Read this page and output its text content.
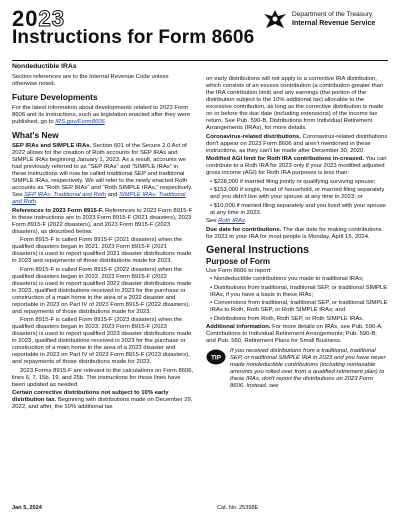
2023
Instructions for Form 8606
Department of the Treasury
Internal Revenue Service
Nondeductible IRAs

Section references are to the Internal Revenue Code unless otherwise noted.

Future Developments

For the latest information about developments related to 2023 Form 8606 and its instructions, such as legislation enacted after they were published, go to IRS.gov/Form8606.

What's New

SEP IRAs and SIMPLE IRAs. Section 601 of the Secure 2.0 Act of 2022 allows for the creation of Roth accounts for SEP IRAs and SIMPLE IRAs beginning January 1, 2023. As a result, accounts we had previously referred to as "SEP IRAs" and "SIMPLE IRAs" in these instructions will now be called traditional SEP and traditional SIMPLE IRAs, respectively. We will refer to the newly enacted Roth accounts as "Roth SEP IRAs" and "Roth SIMPLE IRAs," respectively. See SEP IRAs: Traditional and Roth and SIMPLE IRAs: Traditional and Roth.

References to 2023 Form 8915-F. References to 2023 Form 8915-F in these instructions are to 2023 Form 8915-F (2021 disasters), 2023 Form 8915-F (2022 disasters), and 2023 Form 8915-F (2023 disasters), as described below.

Form 8915-F is called Form 8915-F (2021 disasters) when the qualified disasters began in 2021. 2023 Form 8915-F (2021 disasters) is used to report qualified 2021 disaster distributions made in 2023 and repayments of those distributions made for 2023.

Form 8915-F is called Form 8915-F (2022 disasters) when the qualified disasters began in 2022. 2023 Form 8915-F (2022 disasters) is used to report qualified 2022 disaster distributions made in 2023, qualified distributions received in 2023 for the purchase or construction of a main home in the area of a 2022 disaster and reportable in 2023 on Part IV of 2023 Form 8915-F (2022 disasters), and repayments of those distributions made for 2023.

Form 8915-F is called Form 8915-F (2023 disasters) when the qualified disasters began in 2023. 2023 Form 8915-F (2023 disasters) is used to report qualified 2023 disaster distributions made in 2023, qualified distributions received in 2023 for the purchase or construction of a main home in the area of a 2023 disaster and reportable in 2023 on Part IV of 2023 Form 8915-F (2023 disasters), and repayments of those distributions made for 2023.

2023 Forms 8915-F are relevant to the calculations on Form 8606, lines 6, 7, 15b, 19, and 25b. The instructions for those lines have been updated as needed.

Certain corrective distributions not subject to 10% early distribution tax. Beginning with distributions made on December 29, 2022, and after, the 10% additional tax

on early distributions will not apply to a corrective IRA distribution, which consists of an excess contribution (a contribution greater than the IRA contribution limit) and any earnings (the portion of the distribution subject to the 10% additional tax) allocable to the excessive contribution, as long as the corrective distribution is made on or before the due date (including extensions) of the income tax return. See Pub. 590-B, Distributions from Individual Retirement Arrangements (IRAs), for more details.

Coronavirus-related distributions. Coronavirus-related distributions don't appear on 2023 Form 8606 and aren't mentioned in these instructions, as they can't be made after December 30, 2020.

Modified AGI limit for Roth IRA contributions in-creased. You can contribute to a Roth IRA for 2023 only if your 2023 modified adjusted gross income (AGI) for Roth IRA purposes is less than:

• $228,000 if married filing jointly or qualifying surviving spouse;

• $153,000 if single, head of household, or married filing separately and you didn't live with your spouse at any time in 2023; or

• $10,000 if married filing separately and you lived with your spouse at any time in 2023.

See Roth IRAs.

Due date for contributions. The due date for making contributions for 2023 to your IRA for most people is Monday, April 15, 2024.

General Instructions
Purpose of Form

Use Form 8606 to report:

• Nondeductible contributions you made to traditional IRAs;

• Distributions from traditional, traditional SEP, or traditional SIMPLE IRAs, if you have a basis in these IRAs;

• Conversions from traditional, traditional SEP, or traditional SIMPLE IRAs to Roth, Roth SEP, or Roth SIMPLE IRAs; and

• Distributions from Roth, Roth SEP, or Roth SIMPLE IRAs.

Additional information. For more details on IRAs, see Pub. 590-A, Contributions to Individual Retirement Arrangements; Pub. 590-B; and Pub. 560, Retirement Plans for Small Business.

TIP

If you received distributions from a traditional, traditional SEP, or traditional SIMPLE IRA in 2023 and you have never made nondeductible contributions (including nontaxable amounts you rolled over from a qualified retirement plan) to these IRAs, don't report the distributions on 2023 Form 8606. Instead, see

Jan 5, 2024	Cat. No. 25398E
